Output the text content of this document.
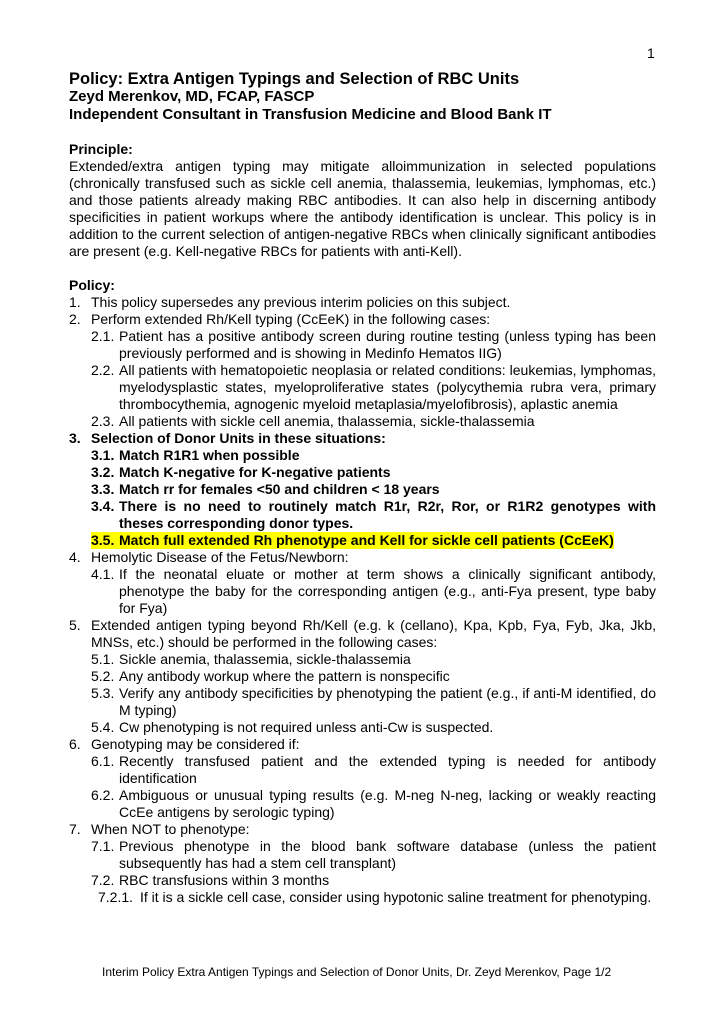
1

Policy: Extra Antigen Typings and Selection of RBC Units

Zeyd Merenkov, MD, FCAP, FASCP

Independent Consultant in Transfusion Medicine and Blood Bank IT

Principle:

Extended/extra antigen typing may mitigate alloimmunization in selected populations (chronically transfused such as sickle cell anemia, thalassemia, leukemias, lymphomas, etc.) and those patients already making RBC antibodies. It can also help in discerning antibody specificities in patient workups where the antibody identification is unclear. This policy is in addition to the current selection of antigen-negative RBCs when clinically significant antibodies are present (e.g. Kell-negative RBCs for patients with anti-Kell).

Policy:

1. This policy supersedes any previous interim policies on this subject.
2. Perform extended Rh/Kell typing (CcEeK) in the following cases:
2.1. Patient has a positive antibody screen during routine testing (unless typing has been previously performed and is showing in Medinfo Hematos IIG)
2.2. All patients with hematopoietic neoplasia or related conditions: leukemias, lymphomas, myelodysplastic states, myeloproliferative states (polycythemia rubra vera, primary thrombocythemia, agnogenic myeloid metaplasia/myelofibrosis), aplastic anemia
2.3. All patients with sickle cell anemia, thalassemia, sickle-thalassemia
3. Selection of Donor Units in these situations:
3.1. Match R1R1 when possible
3.2. Match K-negative for K-negative patients
3.3. Match rr for females <50 and children < 18 years
3.4. There is no need to routinely match R1r, R2r, Ror, or R1R2 genotypes with theses corresponding donor types.
3.5. Match full extended Rh phenotype and Kell for sickle cell patients (CcEeK)
4. Hemolytic Disease of the Fetus/Newborn:
4.1. If the neonatal eluate or mother at term shows a clinically significant antibody, phenotype the baby for the corresponding antigen (e.g., anti-Fya present, type baby for Fya)
5. Extended antigen typing beyond Rh/Kell (e.g. k (cellano), Kpa, Kpb, Fya, Fyb, Jka, Jkb, MNSs, etc.) should be performed in the following cases:
5.1. Sickle anemia, thalassemia, sickle-thalassemia
5.2. Any antibody workup where the pattern is nonspecific
5.3. Verify any antibody specificities by phenotyping the patient (e.g., if anti-M identified, do M typing)
5.4. Cw phenotyping is not required unless anti-Cw is suspected.
6. Genotyping may be considered if:
6.1. Recently transfused patient and the extended typing is needed for antibody identification
6.2. Ambiguous or unusual typing results (e.g. M-neg N-neg, lacking or weakly reacting CcEe antigens by serologic typing)
7. When NOT to phenotype:
7.1. Previous phenotype in the blood bank software database (unless the patient subsequently has had a stem cell transplant)
7.2. RBC transfusions within 3 months
7.2.1. If it is a sickle cell case, consider using hypotonic saline treatment for phenotyping.
Interim Policy Extra Antigen Typings and Selection of Donor Units, Dr. Zeyd Merenkov, Page 1/2
